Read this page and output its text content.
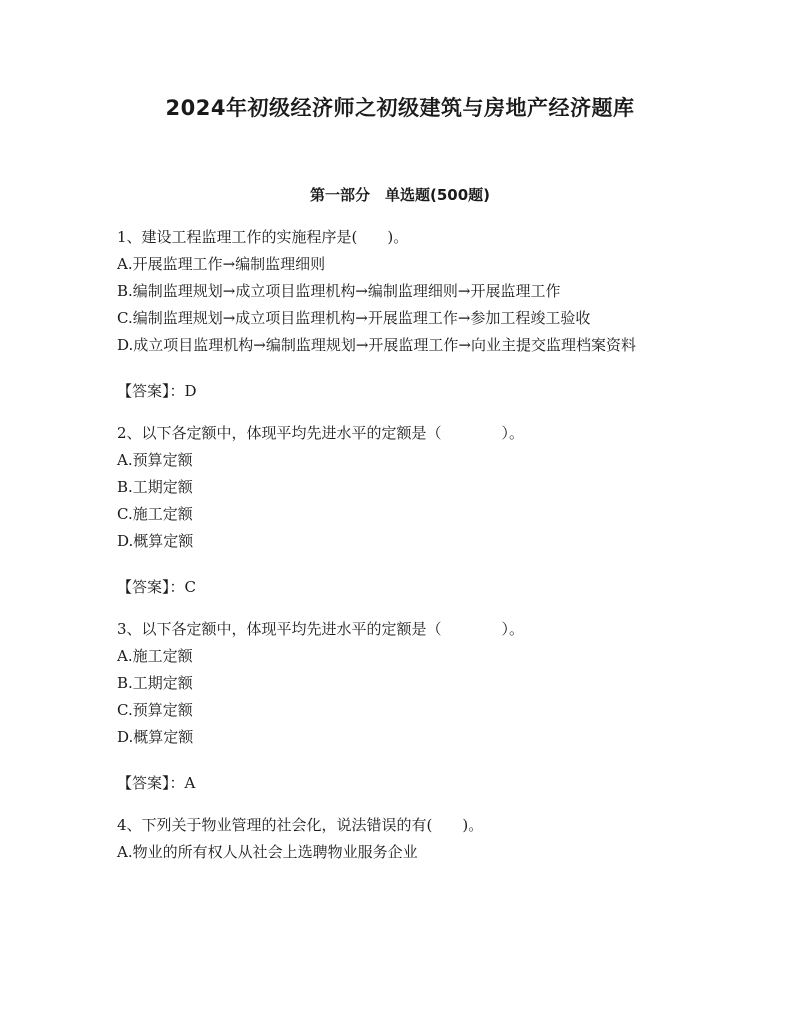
2024年初级经济师之初级建筑与房地产经济题库
第一部分　单选题(500题)
1、建设工程监理工作的实施程序是(　　)。
A.开展监理工作→编制监理细则
B.编制监理规划→成立项目监理机构→编制监理细则→开展监理工作
C.编制监理规划→成立项目监理机构→开展监理工作→参加工程竣工验收
D.成立项目监理机构→编制监理规划→开展监理工作→向业主提交监理档案资料
【答案】：D
2、以下各定额中，体现平均先进水平的定额是（　　　　）。
A.预算定额
B.工期定额
C.施工定额
D.概算定额
【答案】：C
3、以下各定额中，体现平均先进水平的定额是（　　　　）。
A.施工定额
B.工期定额
C.预算定额
D.概算定额
【答案】：A
4、下列关于物业管理的社会化，说法错误的有(　　)。
A.物业的所有权人从社会上选聘物业服务企业
